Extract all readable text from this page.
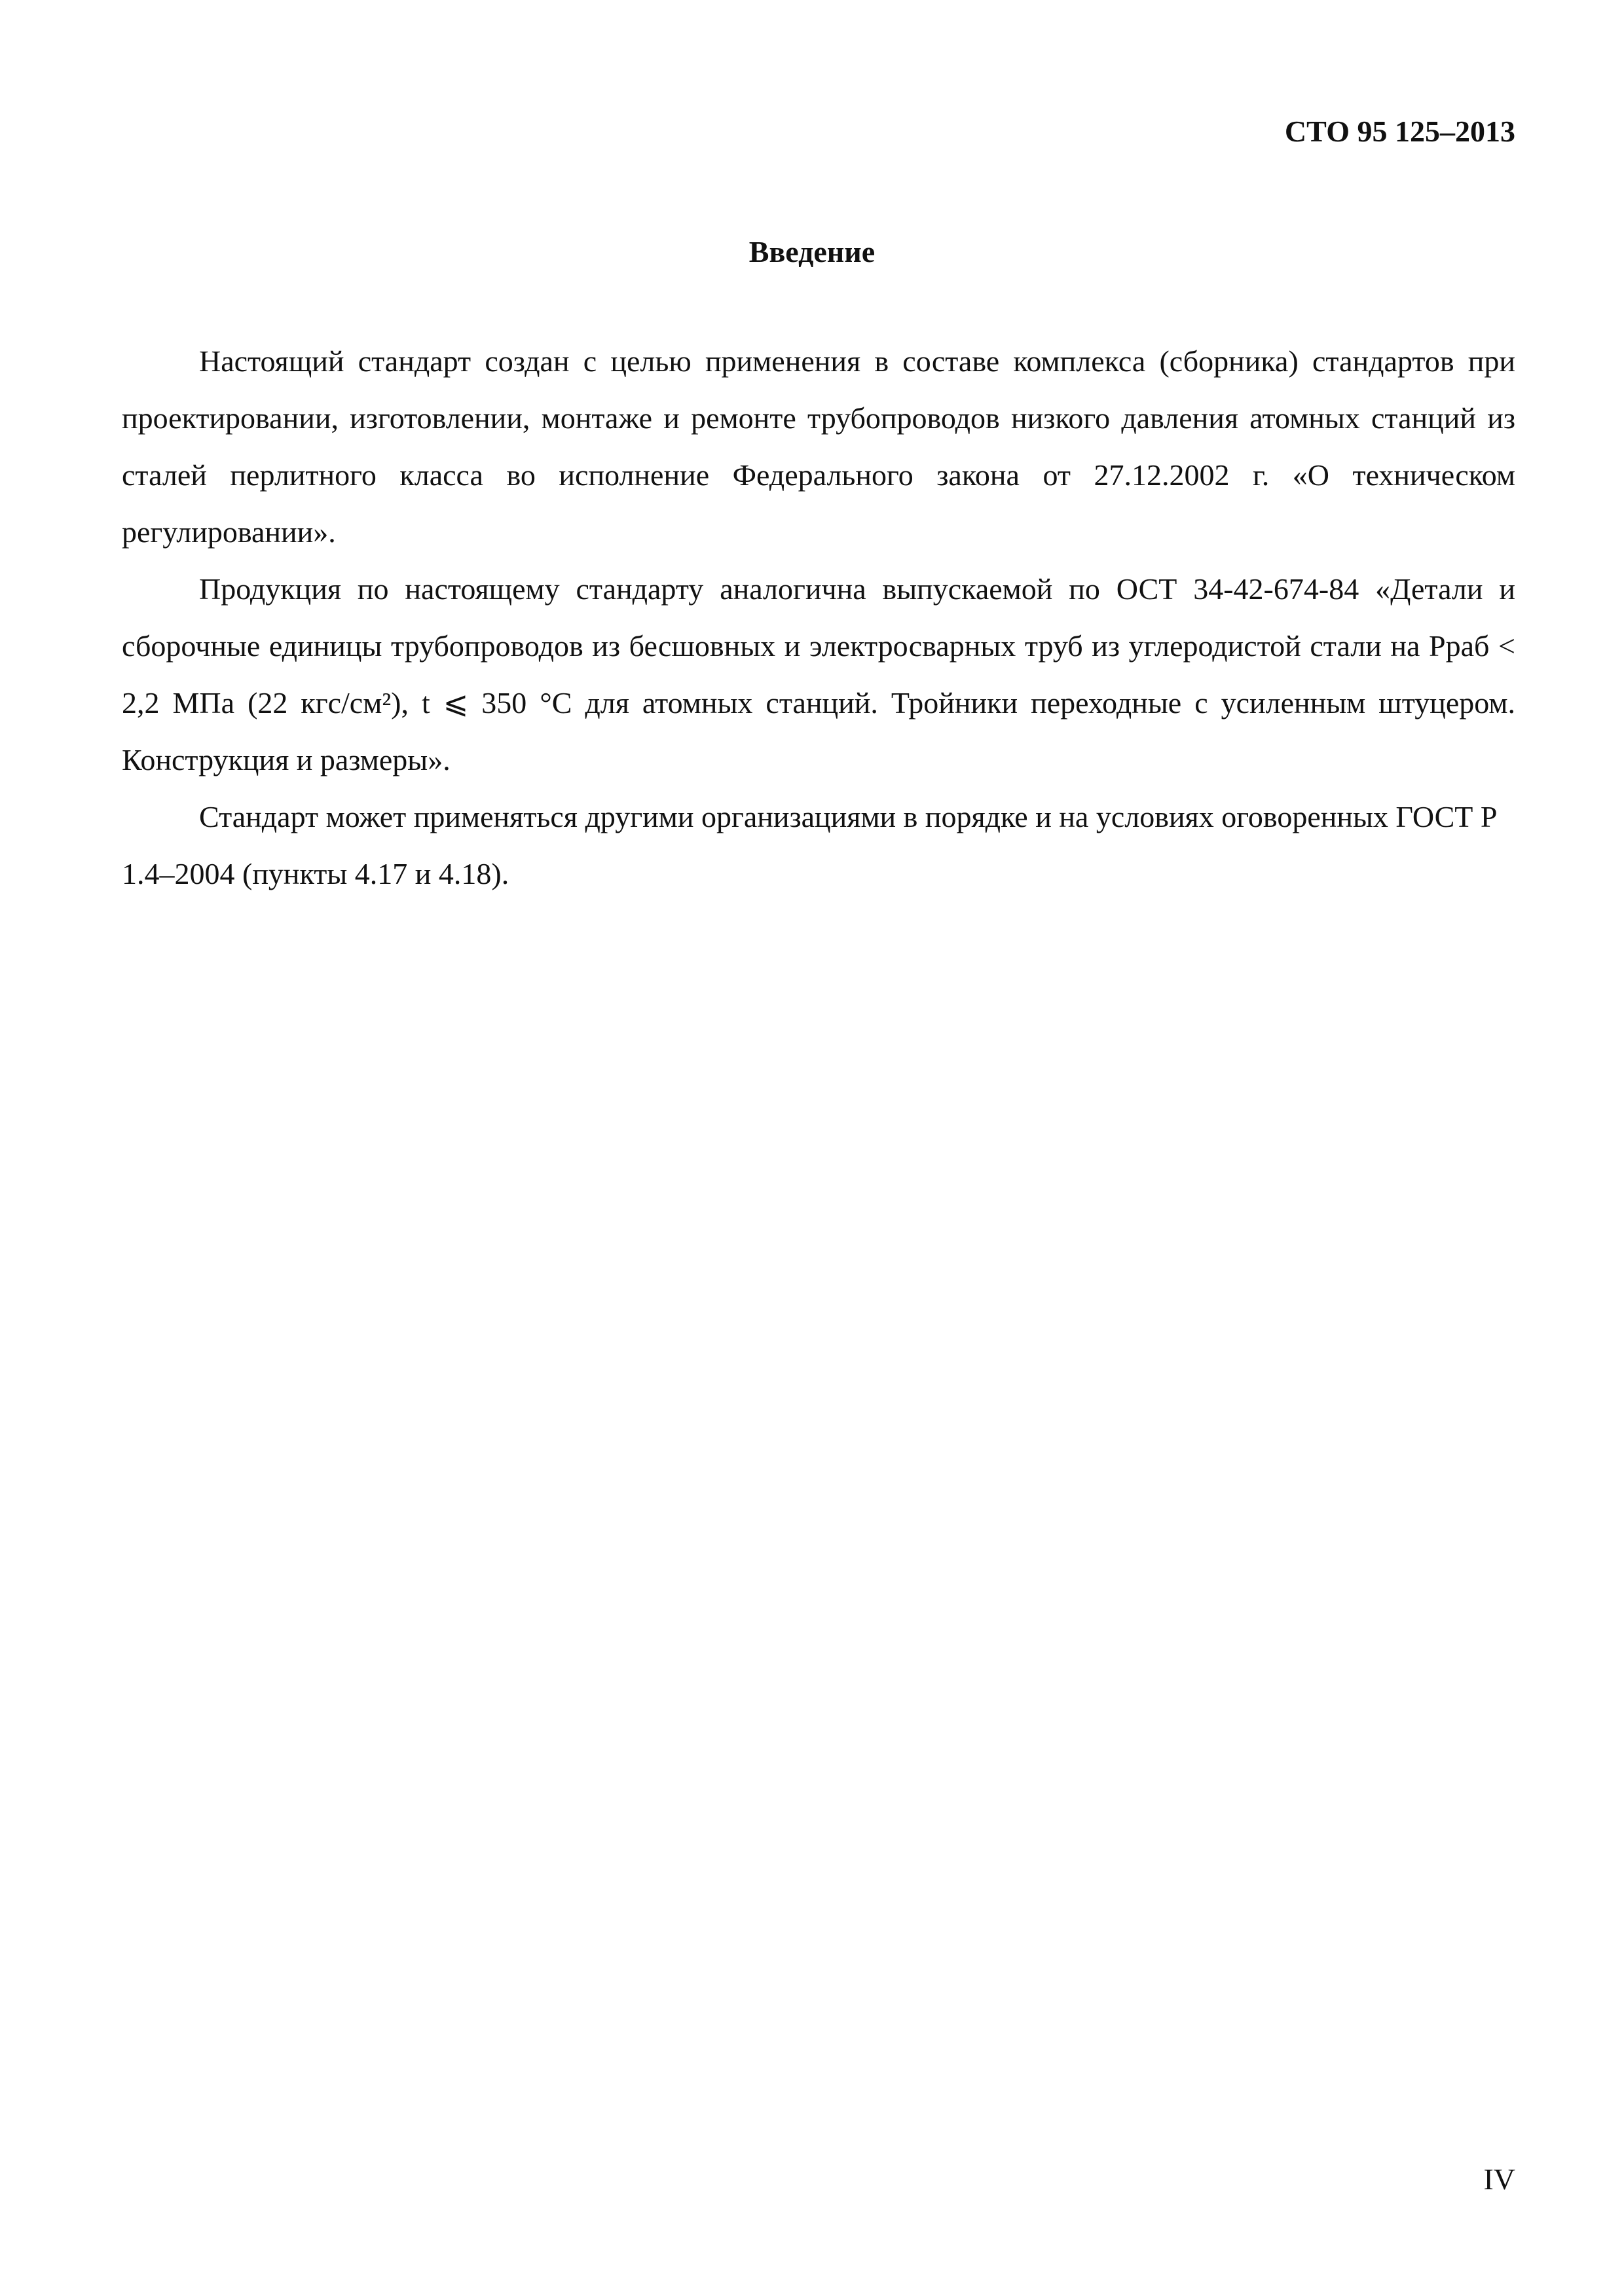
СТО 95 125–2013
Введение

Настоящий стандарт создан с целью применения в составе комплекса (сборника) стандартов при проектировании, изготовлении, монтаже и ремонте трубопроводов низкого давления атомных станций из сталей перлитного класса во исполнение Федерального закона от 27.12.2002 г. «О техническом регулировании».

Продукция по настоящему стандарту аналогична выпускаемой по ОСТ 34-42-674-84 «Детали и сборочные единицы трубопроводов из бесшовных и электросварных труб из углеродистой стали на Рраб < 2,2 МПа (22 кгс/см²), t ⩽ 350 °С для атомных станций. Тройники переходные с усиленным штуцером. Конструкция и размеры».

Стандарт может применяться другими организациями в порядке и на условиях оговоренных ГОСТ Р 1.4–2004 (пункты 4.17 и 4.18).

IV
